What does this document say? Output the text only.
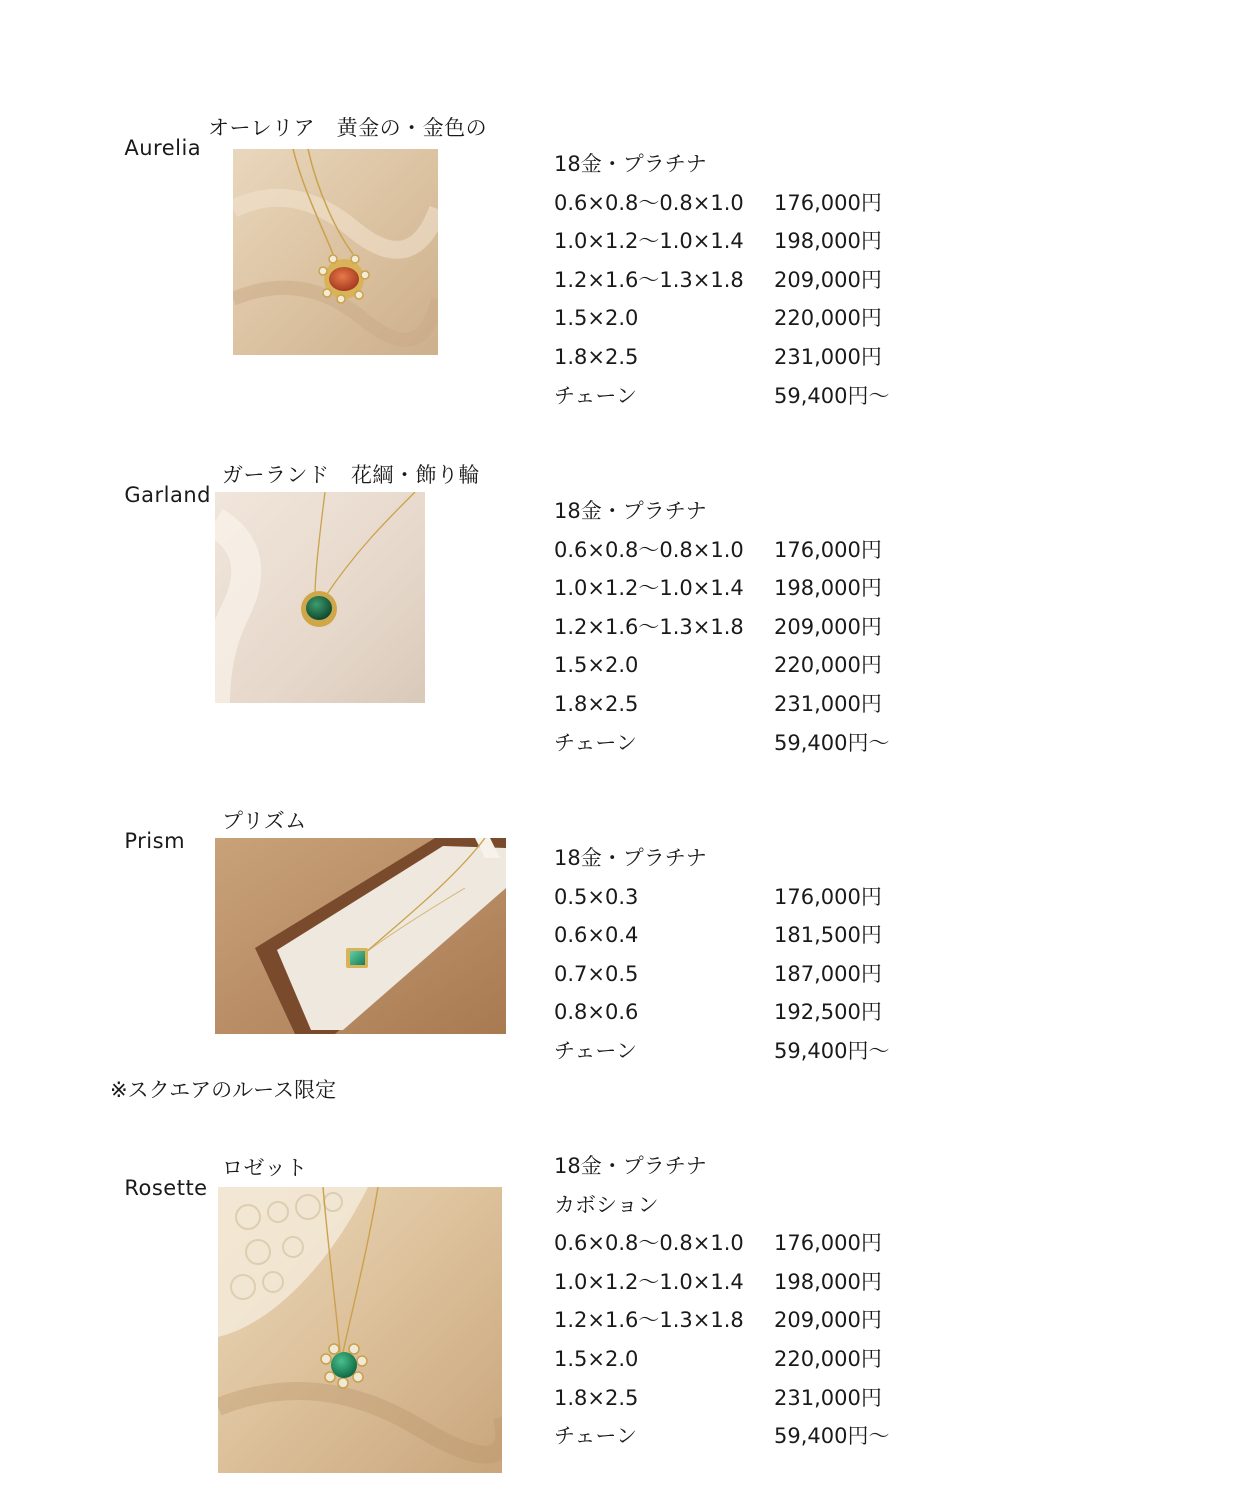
Aurelia
オーレリア　黄金の・金色の

18金・プラチナ
0.6×0.8〜0.8×1.0 176,000円
1.0×1.2〜1.0×1.4 198,000円
1.2×1.6〜1.3×1.8 209,000円
1.5×2.0	220,000円
1.8×2.5	231,000円
チェーン	59,400円〜

Garland
ガーランド　花綱・飾り輪

18金・プラチナ
0.6×0.8〜0.8×1.0 176,000円
1.0×1.2〜1.0×1.4 198,000円
1.2×1.6〜1.3×1.8 209,000円
1.5×2.0	220,000円
1.8×2.5	231,000円
チェーン	59,400円〜

Prism
プリズム

18金・プラチナ
0.5×0.3	176,000円
0.6×0.4	181,500円
0.7×0.5	187,000円
0.8×0.6	192,500円
チェーン	59,400円〜
※スクエアのルース限定

Rosette
ロゼット	18金・プラチナ
カボション
0.6×0.8〜0.8×1.0 176,000円
1.0×1.2〜1.0×1.4 198,000円
1.2×1.6〜1.3×1.8 209,000円
1.5×2.0	220,000円
1.8×2.5	231,000円
チェーン	59,400円〜
